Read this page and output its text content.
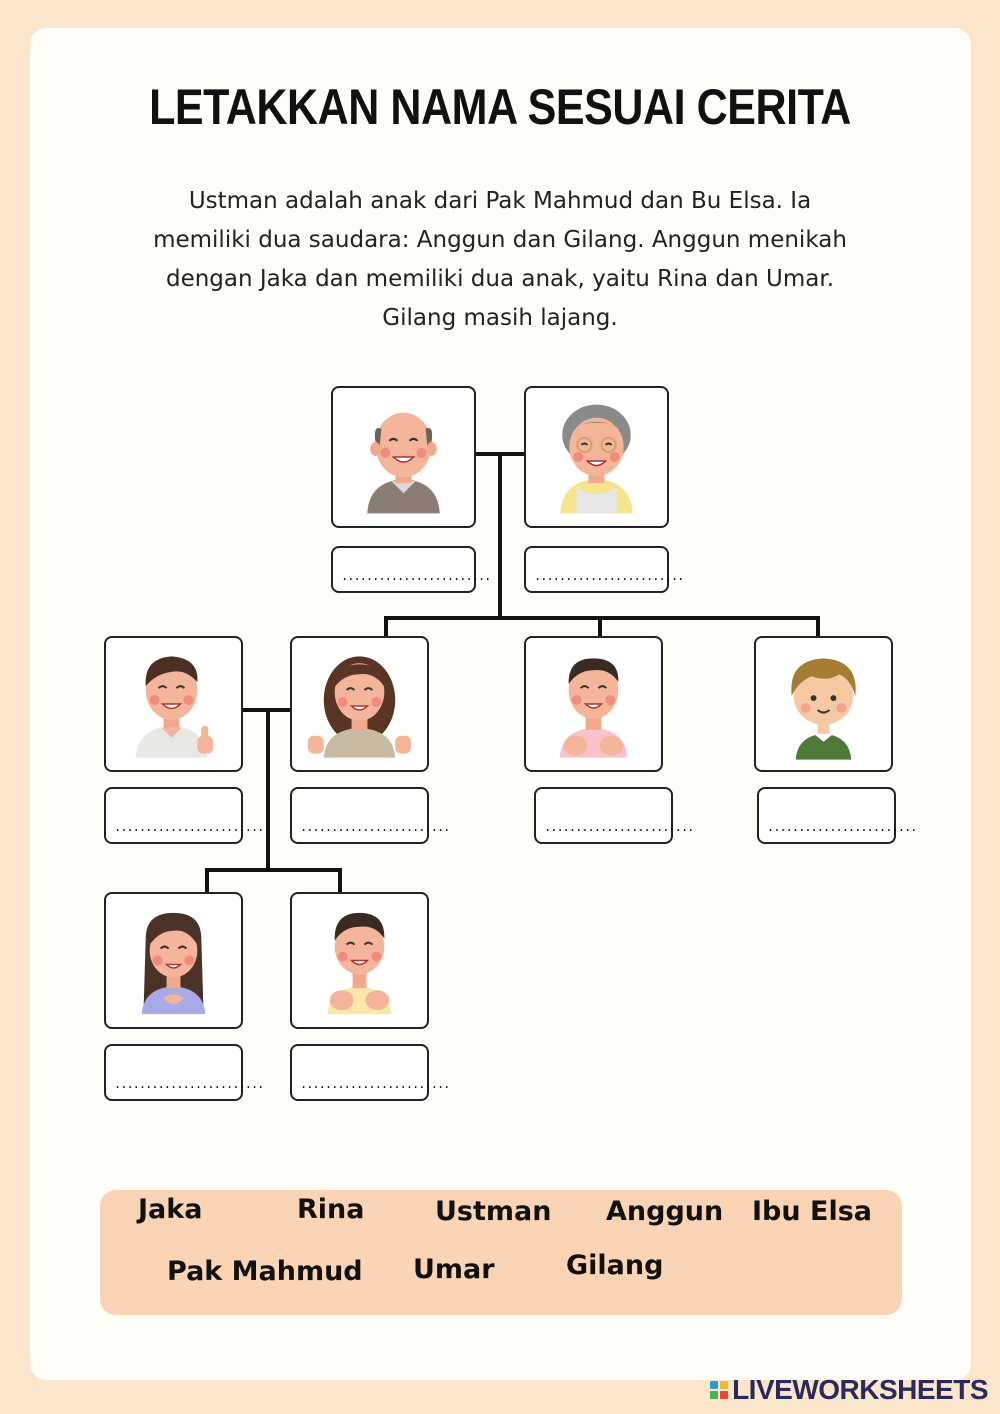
LETAKKAN NAMA SESUAI CERITA
Ustman adalah anak dari Pak Mahmud dan Bu Elsa. Ia
memiliki dua saudara: Anggun dan Gilang. Anggun menikah
dengan Jaka dan memiliki dua anak, yaitu Rina dan Umar.
Gilang masih lajang.
........................	........................
........................	........................	........................	........................
........................	........................
Jaka	Rina	Ustman Anggun Ibu Elsa
Pak Mahmud Umar	Gilang
LIVEWORKSHEETS
